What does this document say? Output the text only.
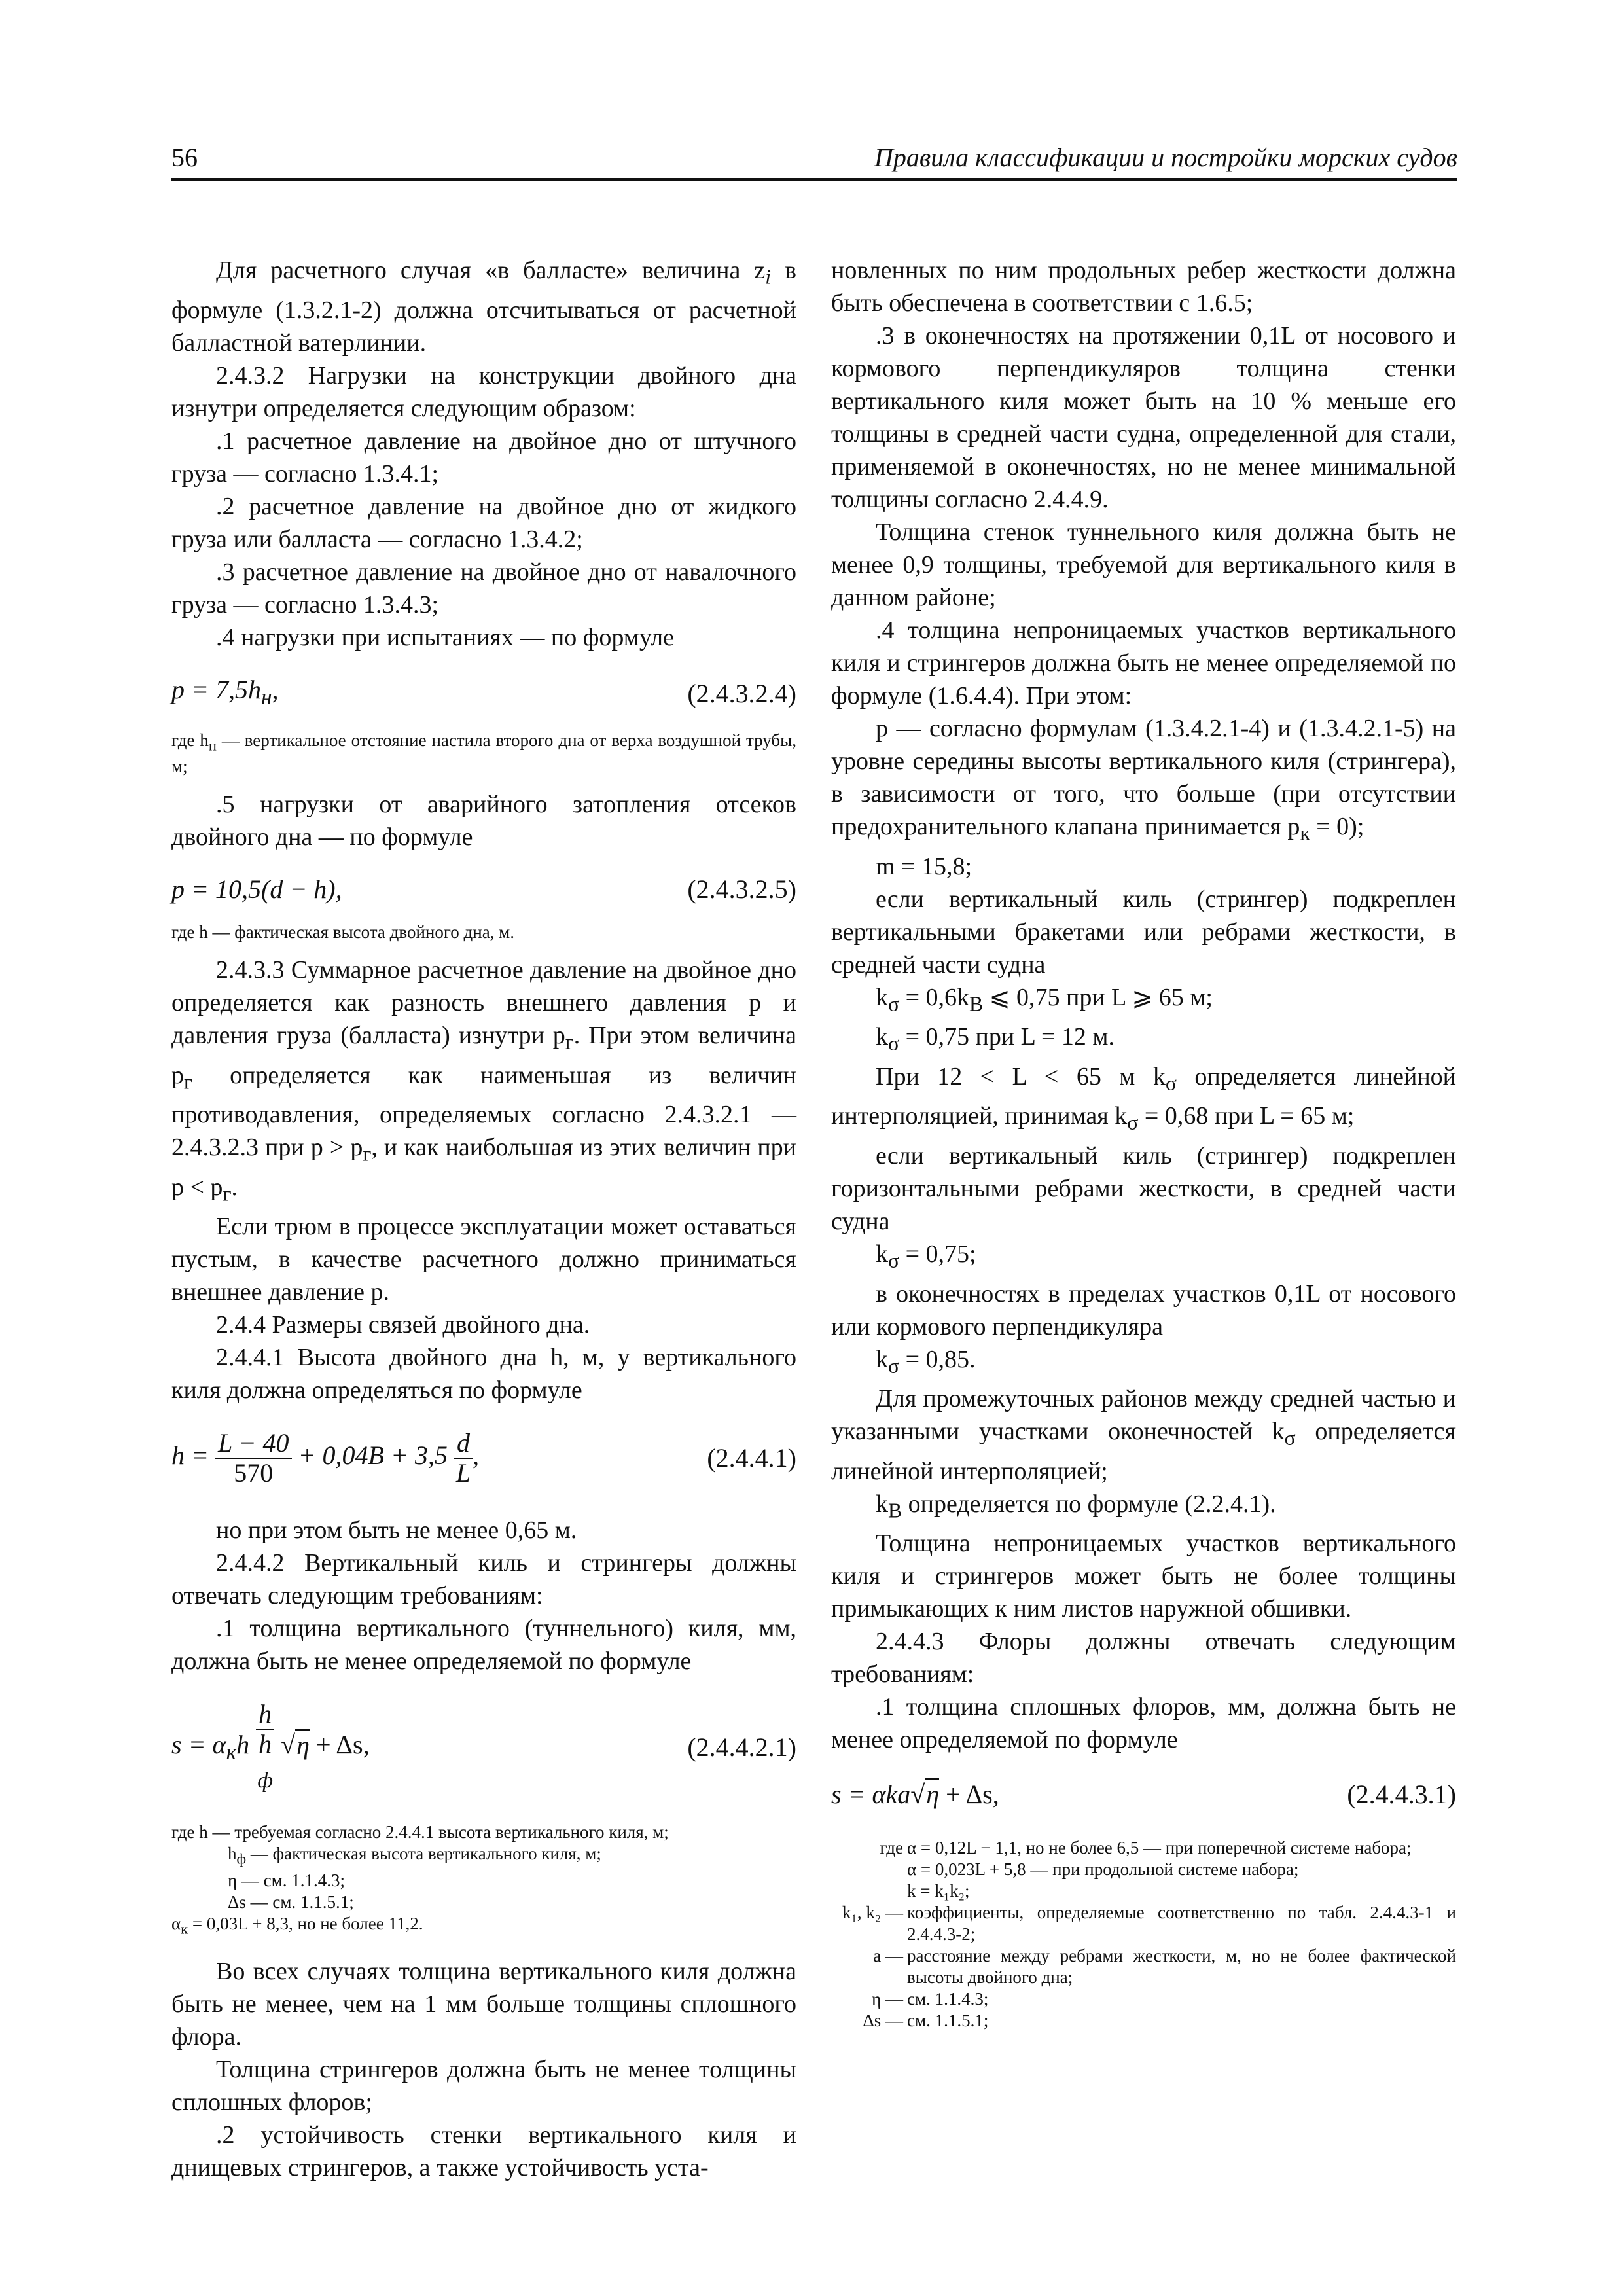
56	Правила классификации и постройки морских судов

Для расчетного случая «в балласте» величина $z_i$ в формуле (1.3.2.1-2) должна отсчитываться от расчетной балластной ватерлинии.

2.4.3.2 Нагрузки на конструкции двойного дна изнутри определяется следующим образом:

.1 расчетное давление на двойное дно от штучного груза — согласно 1.3.4.1;

.2 расчетное давление на двойное дно от жидкого груза или балласта — согласно 1.3.4.2;

.3 расчетное давление на двойное дно от навалочного груза — согласно 1.3.4.3;

.4 нагрузки при испытаниях — по формуле

$p = 7,5h_н$,	(2.4.3.2.4)
где $h_н$ — вертикальное отстояние настила второго дна от верха воздушной трубы, м;

.5 нагрузки от аварийного затопления отсеков двойного дна — по формуле

p = 10,5(d − h),	(2.4.3.2.5)
где h — фактическая высота двойного дна, м.

2.4.3.3 Суммарное расчетное давление на двойное дно определяется как разность внешнего давления p и давления груза (балласта) изнутри $p_г$. При этом величина $p_г$ определяется как наименьшая из величин противодавления, определяемых согласно 2.4.3.2.1 — 2.4.3.2.3 при $p > p_г$, и как наибольшая из этих величин при $p < p_г$.

Если трюм в процессе эксплуатации может оставаться пустым, в качестве расчетного должно приниматься внешнее давление p.

2.4.4 Размеры связей двойного дна.

2.4.4.1 Высота двойного дна h, м, у вертикального киля должна определяться по формуле

$h = \frac{L - 40}{570} + 0,04B + 3,5 \frac{d}{L}$ ,	(2.4.4.1)

но при этом быть не менее 0,65 м.

2.4.4.2 Вертикальный киль и стрингеры должны отвечать следующим требованиям:

.1 толщина вертикального (туннельного) киля, мм, должна быть не менее определяемой по формуле

$s = \alpha_кh$ h
h
$_ф$ √η + Δs,	(2.4.4.2.1)
где h — требуемая согласно 2.4.4.1 высота вертикального киля, м;
$h_ф$ — фактическая высота вертикального киля, м;
η — см. 1.1.4.3;
Δs — см. 1.1.5.1;
$\alpha_к = 0,03L + 8,3$, но не более 11,2.

Во всех случаях толщина вертикального киля должна быть не менее, чем на 1 мм больше толщины сплошного флора.

Толщина стрингеров должна быть не менее толщины сплошных флоров;

.2 устойчивость стенки вертикального киля и днищевых стрингеров, а также устойчивость уста-

новленных по ним продольных ребер жесткости должна быть обеспечена в соответствии с 1.6.5;

.3 в оконечностях на протяжении 0,1L от носового и кормового перпендикуляров толщина стенки вертикального киля может быть на 10 % меньше его толщины в средней части судна, определенной для стали, применяемой в оконечностях, но не менее минимальной толщины согласно 2.4.4.9.

Толщина стенок туннельного киля должна быть не менее 0,9 толщины, требуемой для вертикального киля в данном районе;

.4 толщина непроницаемых участков вертикального киля и стрингеров должна быть не менее определяемой по формуле (1.6.4.4). При этом:

p — согласно формулам (1.3.4.2.1-4) и (1.3.4.2.1-5) на уровне середины высоты вертикального киля (стрингера), в зависимости от того, что больше (при отсутствии предохранительного клапана принимается $p_к = 0$);

m = 15,8;

если вертикальный киль (стрингер) подкреплен вертикальными бракетами или ребрами жесткости, в средней части судна

$k_\sigma = 0,6k_B$ ⩽ 0,75 при L ⩾ 65 м;

$k_\sigma = 0,75$ при L = 12 м.

При 12 < L < 65 м $k_\sigma$ определяется линейной интерполяцией, принимая $k_\sigma = 0,68$ при L = 65 м;

если вертикальный киль (стрингер) подкреплен горизонтальными ребрами жесткости, в средней части судна

$k_\sigma = 0,75$;

в оконечностях в пределах участков 0,1L от носового или кормового перпендикуляра

$k_\sigma = 0,85$.

Для промежуточных районов между средней частью и указанными участками оконечностей $k_\sigma$ определяется линейной интерполяцией;

$k_B$ определяется по формуле (2.2.4.1).

Толщина непроницаемых участков вертикального киля и стрингеров может быть не более толщины примыкающих к ним листов наружной обшивки.

2.4.4.3 Флоры должны отвечать следующим требованиям:

.1 толщина сплошных флоров, мм, должна быть не менее определяемой по формуле

s = αka√η + Δs,	(2.4.4.3.1)
где α = 0,12L − 1,1, но не более 6,5 — при поперечной системе набора;
α = 0,023L + 5,8 — при продольной системе набора;
k = k₁k₂;
k₁, k₂ — коэффициенты, определяемые соответственно по табл. 2.4.4.3-1 и 2.4.4.3-2;
a — расстояние между ребрами жесткости, м, но не более фактической высоты двойного дна;
η — см. 1.1.4.3;
Δs — см. 1.1.5.1;
